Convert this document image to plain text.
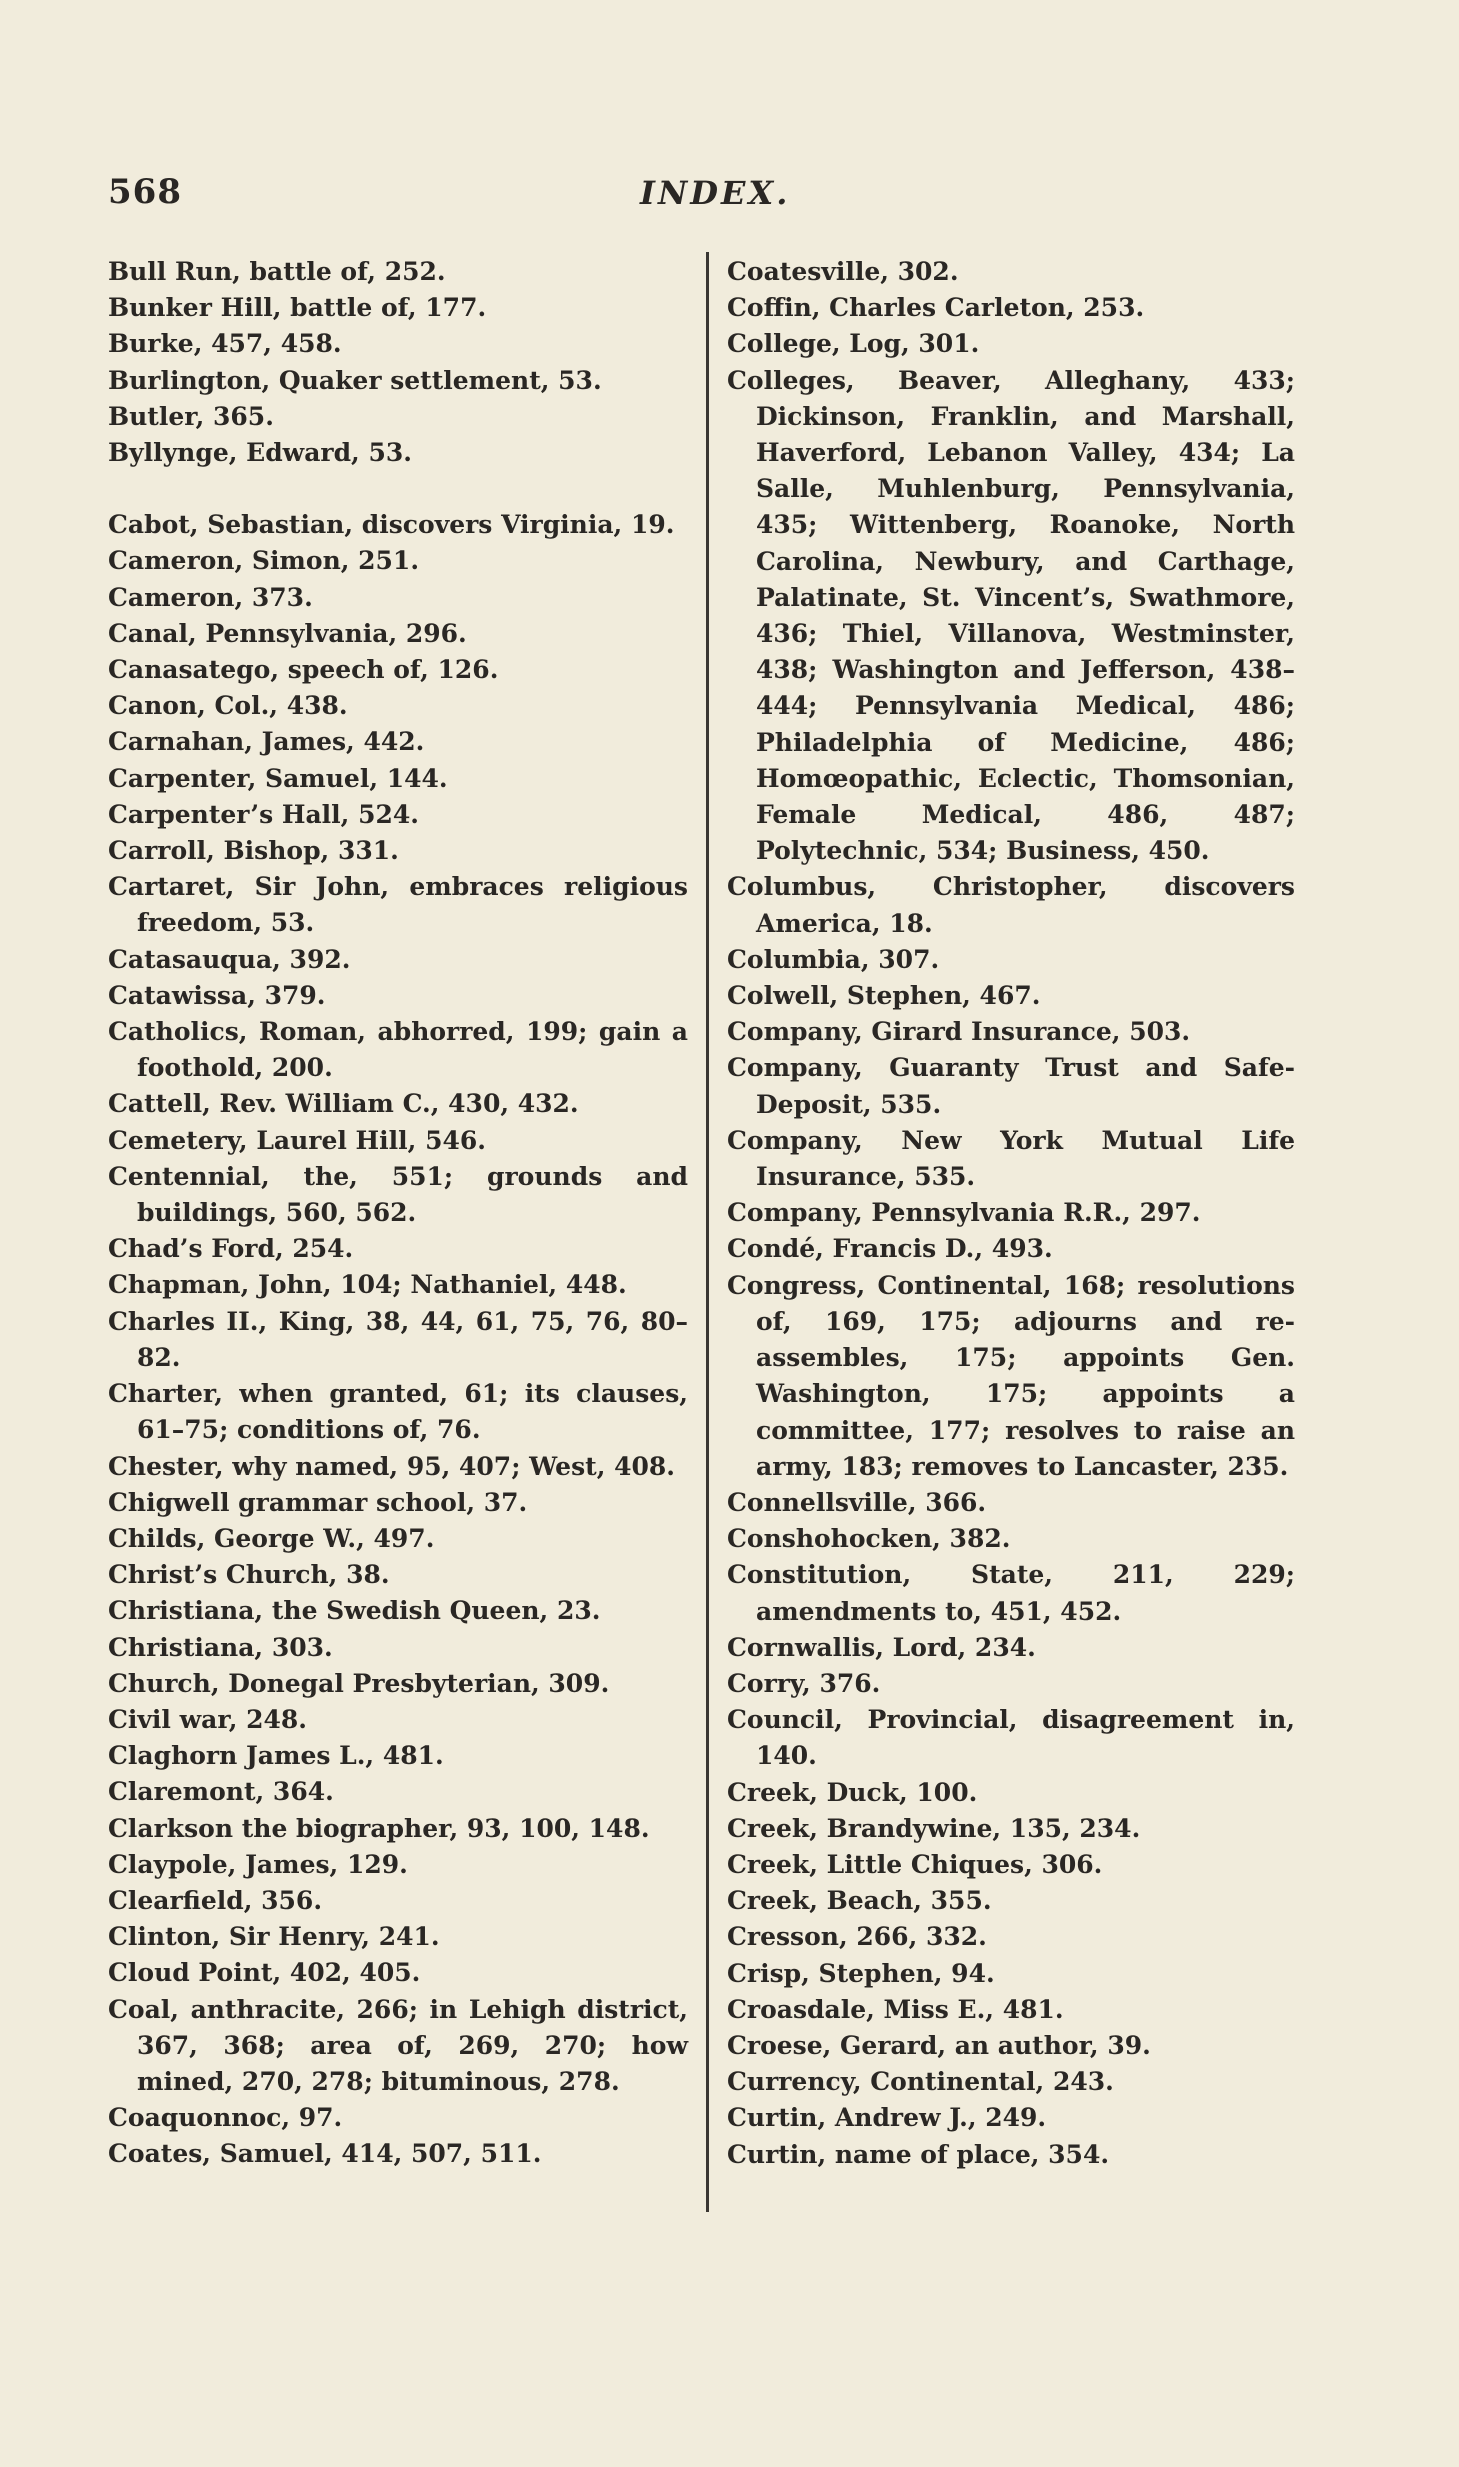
568	INDEX.
Bull Run, battle of, 252.
Bunker Hill, battle of, 177.
Burke, 457, 458.
Burlington, Quaker settlement, 53.
Butler, 365.
Byllynge, Edward, 53.
Cabot, Sebastian, discovers Virginia, 19.
Cameron, Simon, 251.
Cameron, 373.
Canal, Pennsylvania, 296.
Canasatego, speech of, 126.
Canon, Col., 438.
Carnahan, James, 442.
Carpenter, Samuel, 144.
Carpenter’s Hall, 524.
Carroll, Bishop, 331.
Cartaret, Sir John, embraces religious freedom, 53.
Catasauqua, 392.
Catawissa, 379.
Catholics, Roman, abhorred, 199; gain a foothold, 200.
Cattell, Rev. William C., 430, 432.
Cemetery, Laurel Hill, 546.
Centennial, the, 551; grounds and buildings, 560, 562.
Chad’s Ford, 254.
Chapman, John, 104; Nathaniel, 448.
Charles II., King, 38, 44, 61, 75, 76, 80–82.
Charter, when granted, 61; its clauses, 61–75; conditions of, 76.
Chester, why named, 95, 407; West, 408.
Chigwell grammar school, 37.
Childs, George W., 497.
Christ’s Church, 38.
Christiana, the Swedish Queen, 23.
Christiana, 303.
Church, Donegal Presbyterian, 309.
Civil war, 248.
Claghorn James L., 481.
Claremont, 364.
Clarkson the biographer, 93, 100, 148.
Claypole, James, 129.
Clearfield, 356.
Clinton, Sir Henry, 241.
Cloud Point, 402, 405.
Coal, anthracite, 266; in Lehigh district, 367, 368; area of, 269, 270; how mined, 270, 278; bituminous, 278.
Coaquonnoc, 97.
Coates, Samuel, 414, 507, 511.
Coatesville, 302.
Coffin, Charles Carleton, 253.
College, Log, 301.
Colleges, Beaver, Alleghany, 433; Dickinson, Franklin, and Marshall, Haverford, Lebanon Valley, 434; La Salle, Muhlenburg, Pennsylvania, 435; Wittenberg, Roanoke, North Carolina, Newbury, and Carthage, Palatinate, St. Vincent’s, Swathmore, 436; Thiel, Villanova, Westminster, 438; Washington and Jefferson, 438–444; Pennsylvania Medical, 486; Philadelphia of Medicine, 486; Homœopathic, Eclectic, Thomsonian, Female Medical, 486, 487; Polytechnic, 534; Business, 450.
Columbus, Christopher, discovers America, 18.
Columbia, 307.
Colwell, Stephen, 467.
Company, Girard Insurance, 503.
Company, Guaranty Trust and Safe-Deposit, 535.
Company, New York Mutual Life Insurance, 535.
Company, Pennsylvania R.R., 297.
Condé, Francis D., 493.
Congress, Continental, 168; resolutions of, 169, 175; adjourns and re-assembles, 175; appoints Gen. Washington, 175; appoints a committee, 177; resolves to raise an army, 183; removes to Lancaster, 235.
Connellsville, 366.
Conshohocken, 382.
Constitution, State, 211, 229; amendments to, 451, 452.
Cornwallis, Lord, 234.
Corry, 376.
Council, Provincial, disagreement in, 140.
Creek, Duck, 100.
Creek, Brandywine, 135, 234.
Creek, Little Chiques, 306.
Creek, Beach, 355.
Cresson, 266, 332.
Crisp, Stephen, 94.
Croasdale, Miss E., 481.
Croese, Gerard, an author, 39.
Currency, Continental, 243.
Curtin, Andrew J., 249.
Curtin, name of place, 354.
